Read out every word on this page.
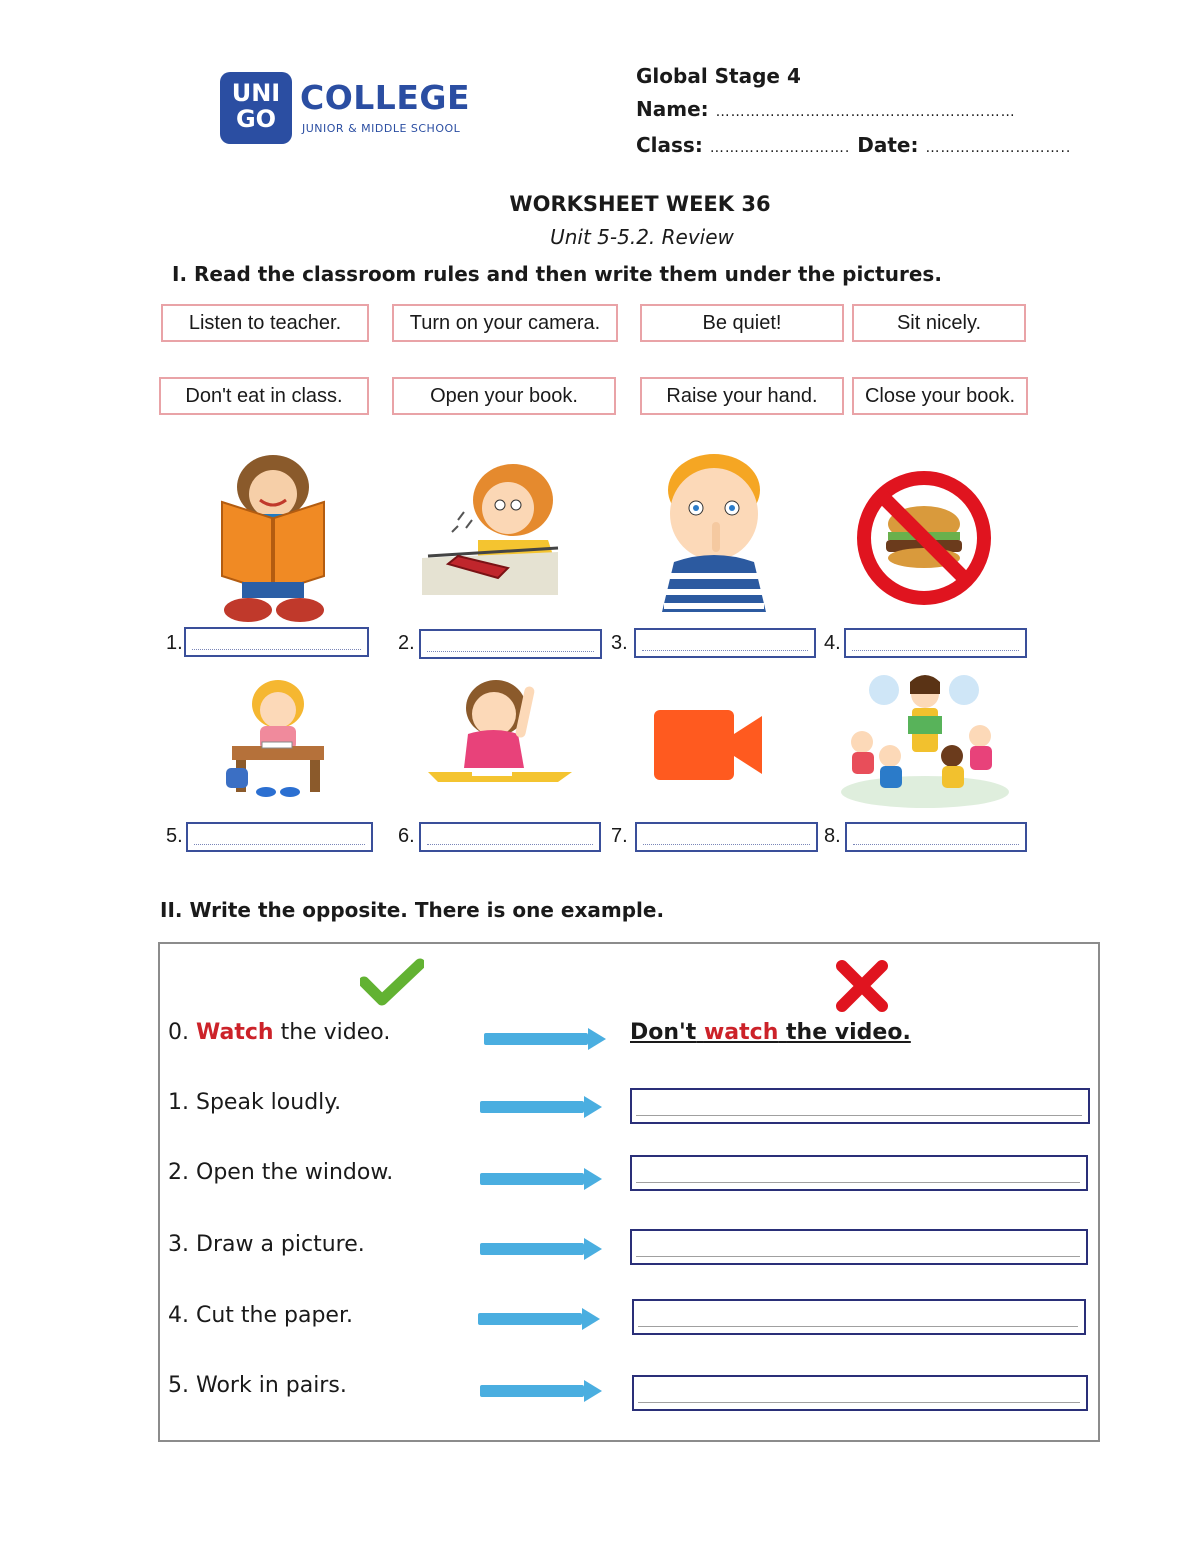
UNI
GO
COLLEGE
JUNIOR & MIDDLE SCHOOL
Global Stage 4
Name: ……………………………………………………
Class: ………………………. Date: ………………………..
WORKSHEET WEEK 36
Unit 5-5.2. Review
I. Read the classroom rules and then write them under the pictures.
Listen to teacher.	Turn on your camera.	Be quiet!	Sit nicely.
Don't eat in class.	Open your book.	Raise your hand.	Close your book.
1.	2.	3.	4.
5.	6.	7.	8.
II. Write the opposite. There is one example.
0. Watch the video.	Don't watch the video.
1. Speak loudly.
2. Open the window.
3. Draw a picture.
4. Cut the paper.
5. Work in pairs.
